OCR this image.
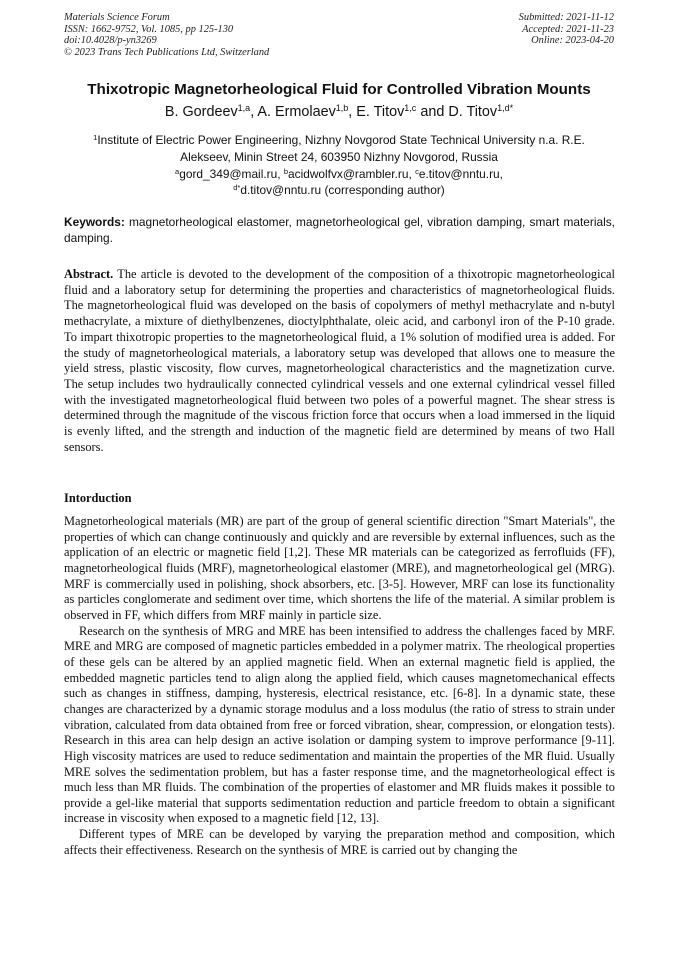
Materials Science Forum
ISSN: 1662-9752, Vol. 1085, pp 125-130
doi:10.4028/p-yn3269
© 2023 Trans Tech Publications Ltd, Switzerland
Submitted: 2021-11-12
Accepted: 2021-11-23
Online: 2023-04-20
Thixotropic Magnetorheological Fluid for Controlled Vibration Mounts
B. Gordeev$^{1,a}$, A. Ermolaev$^{1,b}$, E. Titov$^{1,c}$ and D. Titov$^{1,d*}$
$^1$Institute of Electric Power Engineering, Nizhny Novgorod State Technical University n.a. R.E. Alekseev, Minin Street 24, 603950 Nizhny Novgorod, Russia
$^a$gord_349@mail.ru, $^b$acidwolfvx@rambler.ru, $^c$e.titov@nntu.ru,
$^{d*}$d.titov@nntu.ru (corresponding author)
Keywords: magnetorheological elastomer, magnetorheological gel, vibration damping, smart materials, damping.
Abstract. The article is devoted to the development of the composition of a thixotropic magnetorheological fluid and a laboratory setup for determining the properties and characteristics of magnetorheological fluids. The magnetorheological fluid was developed on the basis of copolymers of methyl methacrylate and n-butyl methacrylate, a mixture of diethylbenzenes, dioctylphthalate, oleic acid, and carbonyl iron of the P-10 grade. To impart thixotropic properties to the magnetorheological fluid, a 1% solution of modified urea is added. For the study of magnetorheological materials, a laboratory setup was developed that allows one to measure the yield stress, plastic viscosity, flow curves, magnetorheological characteristics and the magnetization curve. The setup includes two hydraulically connected cylindrical vessels and one external cylindrical vessel filled with the investigated magnetorheological fluid between two poles of a powerful magnet. The shear stress is determined through the magnitude of the viscous friction force that occurs when a load immersed in the liquid is evenly lifted, and the strength and induction of the magnetic field are determined by means of two Hall sensors.
Intorduction

Magnetorheological materials (MR) are part of the group of general scientific direction "Smart Materials", the properties of which can change continuously and quickly and are reversible by external influences, such as the application of an electric or magnetic field [1,2]. These MR materials can be categorized as ferrofluids (FF), magnetorheological fluids (MRF), magnetorheological elastomer (MRE), and magnetorheological gel (MRG). MRF is commercially used in polishing, shock absorbers, etc. [3-5]. However, MRF can lose its functionality as particles conglomerate and sediment over time, which shortens the life of the material. A similar problem is observed in FF, which differs from MRF mainly in particle size.

Research on the synthesis of MRG and MRE has been intensified to address the challenges faced by MRF. MRE and MRG are composed of magnetic particles embedded in a polymer matrix. The rheological properties of these gels can be altered by an applied magnetic field. When an external magnetic field is applied, the embedded magnetic particles tend to align along the applied field, which causes magnetomechanical effects such as changes in stiffness, damping, hysteresis, electrical resistance, etc. [6-8]. In a dynamic state, these changes are characterized by a dynamic storage modulus and a loss modulus (the ratio of stress to strain under vibration, calculated from data obtained from free or forced vibration, shear, compression, or elongation tests). Research in this area can help design an active isolation or damping system to improve performance [9-11]. High viscosity matrices are used to reduce sedimentation and maintain the properties of the MR fluid. Usually MRE solves the sedimentation problem, but has a faster response time, and the magnetorheological effect is much less than MR fluids. The combination of the properties of elastomer and MR fluids makes it possible to provide a gel-like material that supports sedimentation reduction and particle freedom to obtain a significant increase in viscosity when exposed to a magnetic field [12, 13].

Different types of MRE can be developed by varying the preparation method and composition, which affects their effectiveness. Research on the synthesis of MRE is carried out by changing the
